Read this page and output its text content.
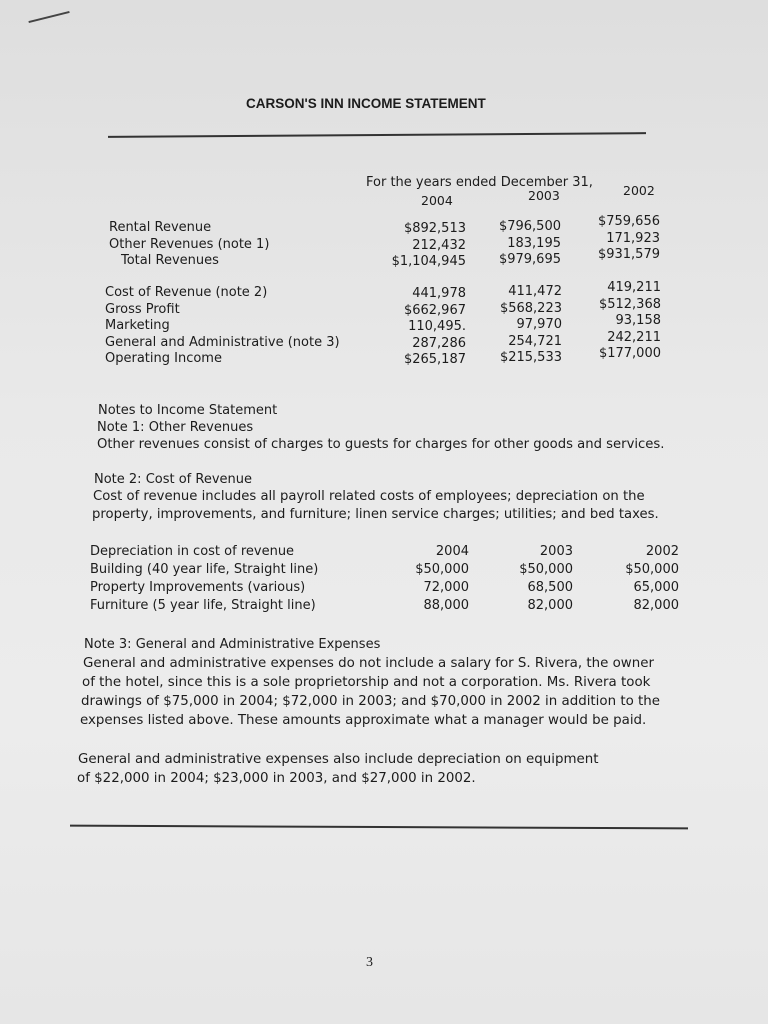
CARSON'S INN INCOME STATEMENT
For the years ended December 31,
2004	2003	2002
Rental Revenue
Other Revenues (note 1)
Total Revenues
$892,513
212,432
$1,104,945
$796,500
183,195
$979,695
$759,656
171,923
$931,579
Cost of Revenue (note 2)
Gross Profit
Marketing
General and Administrative (note 3)
Operating Income
441,978
$662,967
110,495.
287,286
$265,187
411,472
$568,223
97,970
254,721
$215,533
419,211
$512,368
93,158
242,211
$177,000
Notes to Income Statement
Note 1: Other Revenues
Other revenues consist of charges to guests for charges for other goods and services.
Note 2: Cost of Revenue
Cost of revenue includes all payroll related costs of employees; depreciation on the
property, improvements, and furniture; linen service charges; utilities; and bed taxes.
Depreciation in cost of revenue
Building (40 year life, Straight line)
Property Improvements (various)
Furniture (5 year life, Straight line)
2004
$50,000
72,000
88,000
2003
$50,000
68,500
82,000
2002
$50,000
65,000
82,000
Note 3: General and Administrative Expenses
General and administrative expenses do not include a salary for S. Rivera, the owner
of the hotel, since this is a sole proprietorship and not a corporation. Ms. Rivera took
drawings of $75,000 in 2004; $72,000 in 2003; and $70,000 in 2002 in addition to the
expenses listed above. These amounts approximate what a manager would be paid.
General and administrative expenses also include depreciation on equipment
of $22,000 in 2004; $23,000 in 2003, and $27,000 in 2002.
3
